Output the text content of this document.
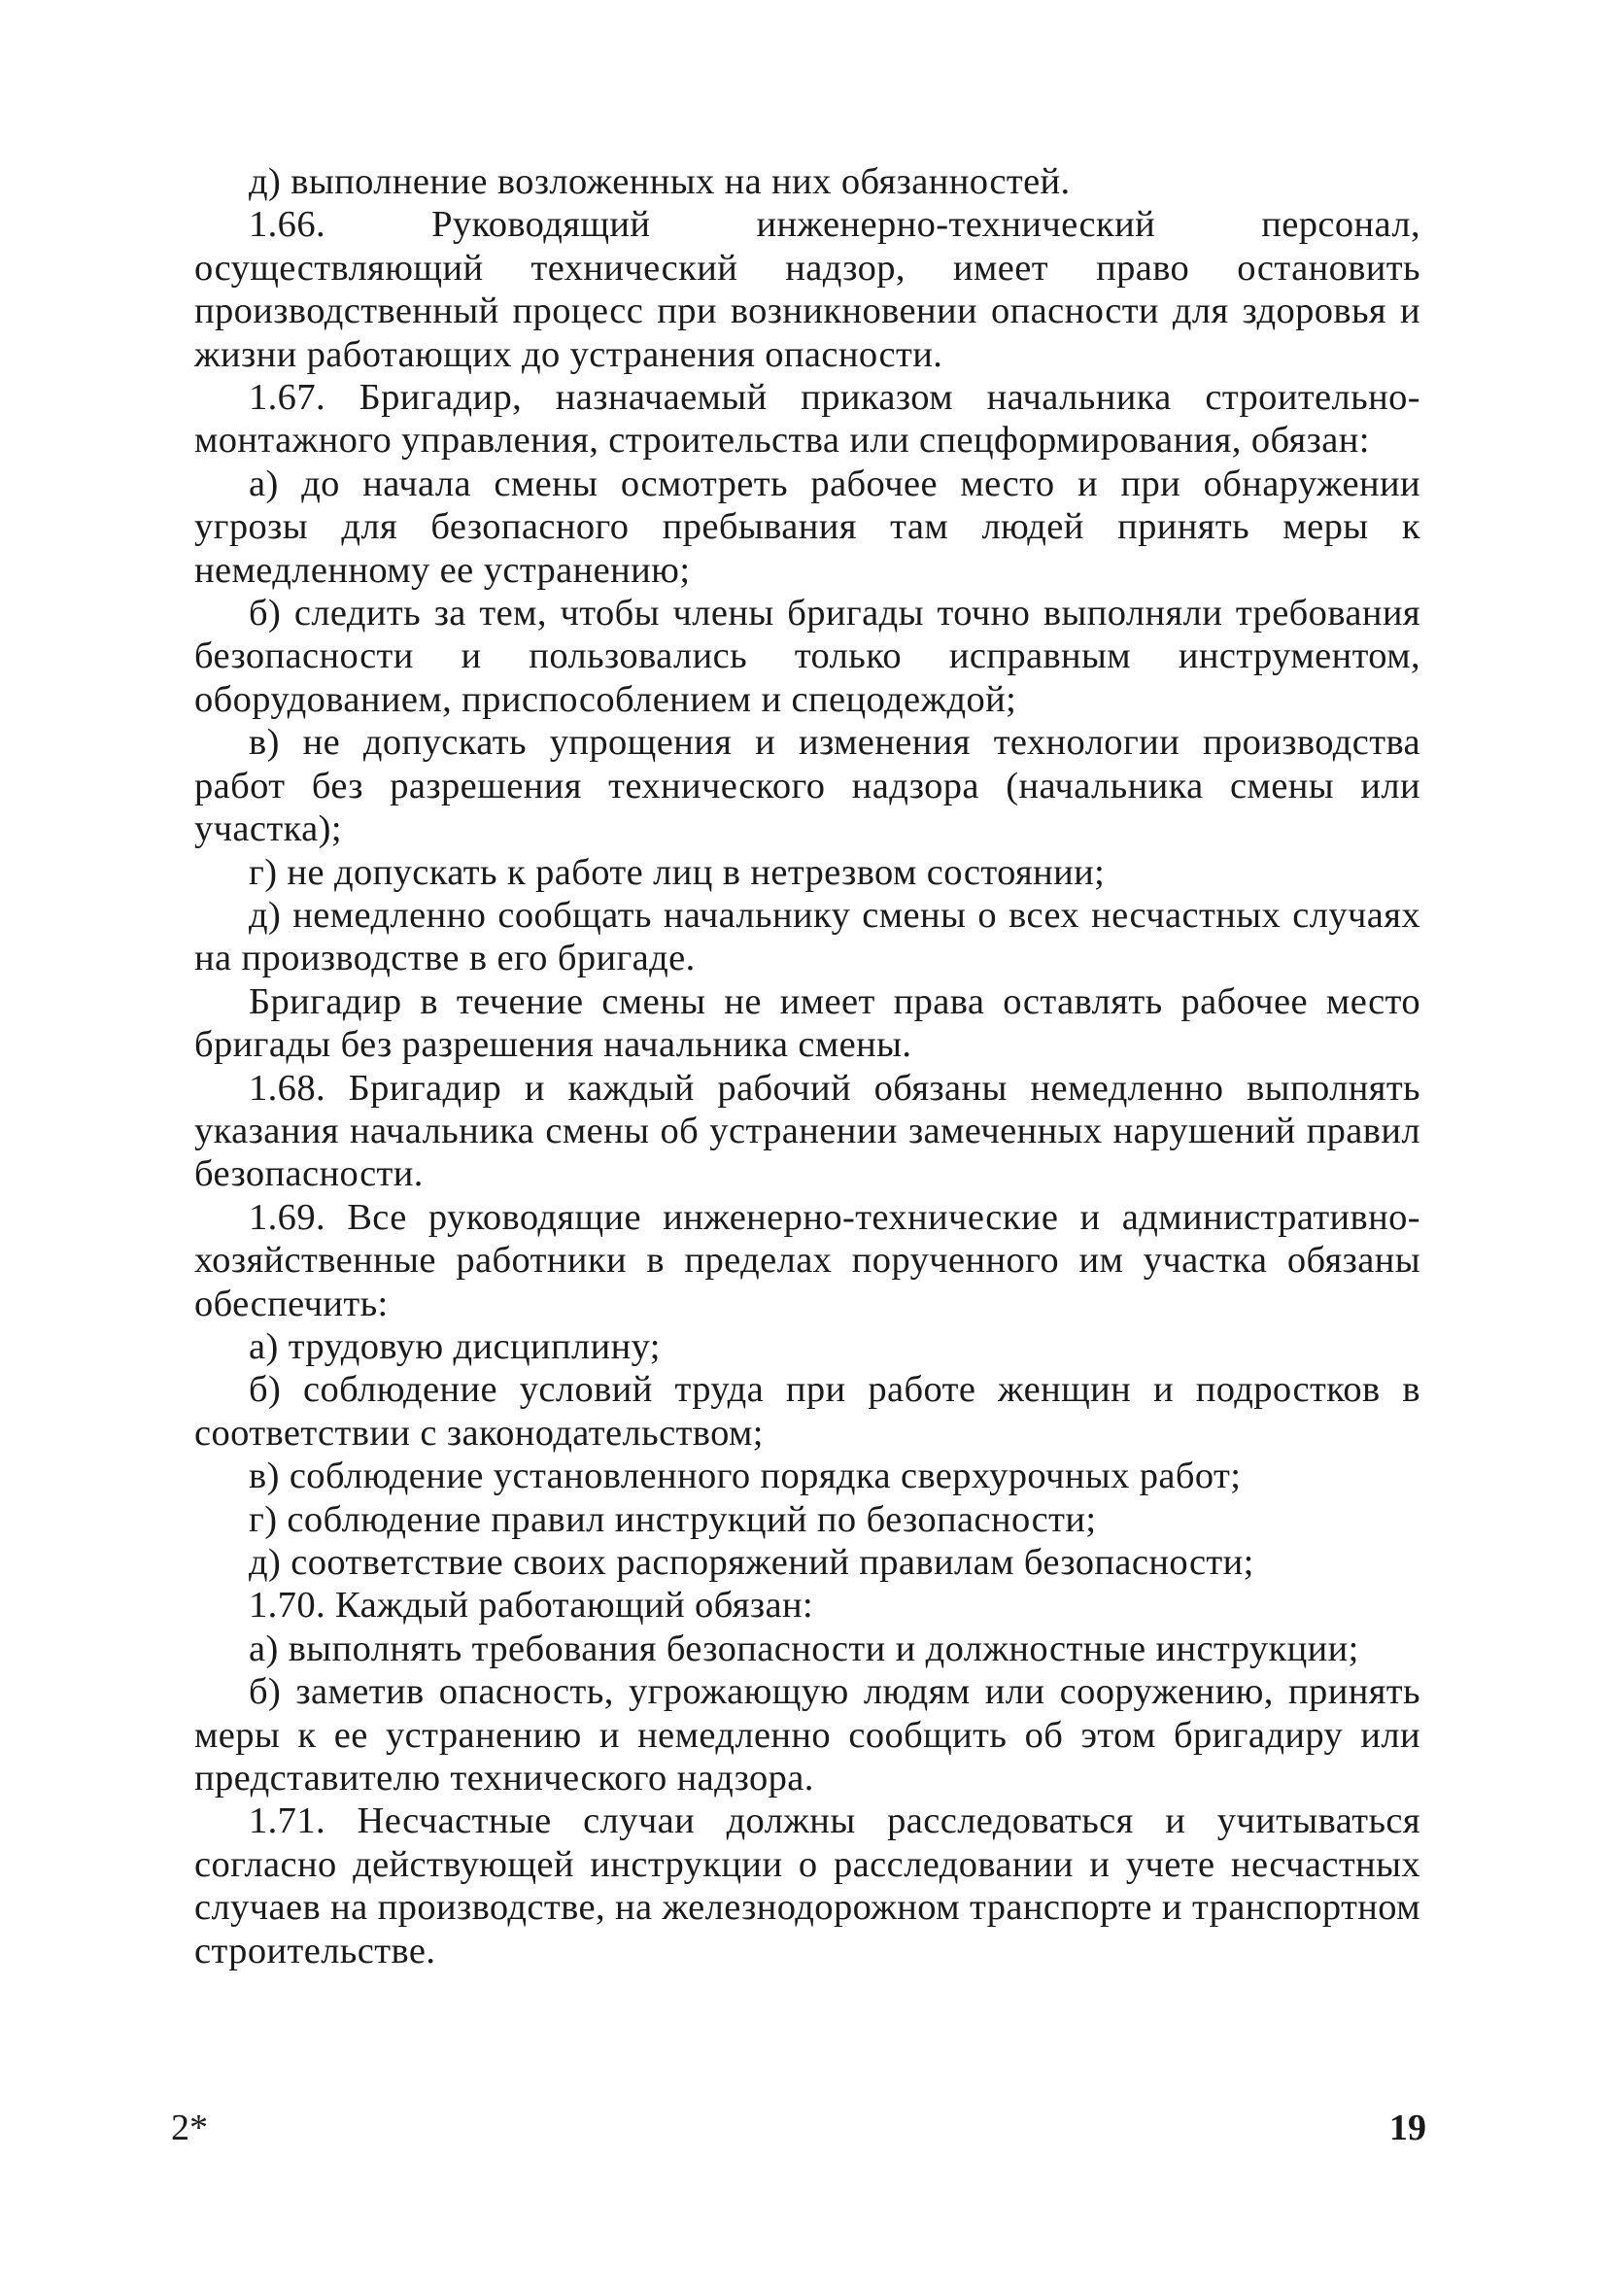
д) выполнение возложенных на них обязанностей.

1.66. Руководящий инженерно-технический персонал, осуществляющий технический надзор, имеет право остановить производственный процесс при возникновении опасности для здоровья и жизни работающих до устранения опасности.

1.67. Бригадир, назначаемый приказом начальника строительно-монтажного управления, строительства или спецформирования, обязан:

а) до начала смены осмотреть рабочее место и при обнаружении угрозы для безопасного пребывания там людей принять меры к немедленному ее устранению;

б) следить за тем, чтобы члены бригады точно выполняли требования безопасности и пользовались только исправным инструментом, оборудованием, приспособлением и спецодеждой;

в) не допускать упрощения и изменения технологии производства работ без разрешения технического надзора (начальника смены или участка);

г) не допускать к работе лиц в нетрезвом состоянии;

д) немедленно сообщать начальнику смены о всех несчастных случаях на производстве в его бригаде.

Бригадир в течение смены не имеет права оставлять рабочее место бригады без разрешения начальника смены.

1.68. Бригадир и каждый рабочий обязаны немедленно выполнять указания начальника смены об устранении замеченных нарушений правил безопасности.

1.69. Все руководящие инженерно-технические и административно-хозяйственные работники в пределах порученного им участка обязаны обеспечить:

а) трудовую дисциплину;

б) соблюдение условий труда при работе женщин и подростков в соответствии с законодательством;

в) соблюдение установленного порядка сверхурочных работ;

г) соблюдение правил инструкций по безопасности;

д) соответствие своих распоряжений правилам безопасности;

1.70. Каждый работающий обязан:

а) выполнять требования безопасности и должностные инструкции;

б) заметив опасность, угрожающую людям или сооружению, принять меры к ее устранению и немедленно сообщить об этом бригадиру или представителю технического надзора.

1.71. Несчастные случаи должны расследоваться и учитываться согласно действующей инструкции о расследовании и учете несчастных случаев на производстве, на железнодорожном транспорте и транспортном строительстве.

2*	19
